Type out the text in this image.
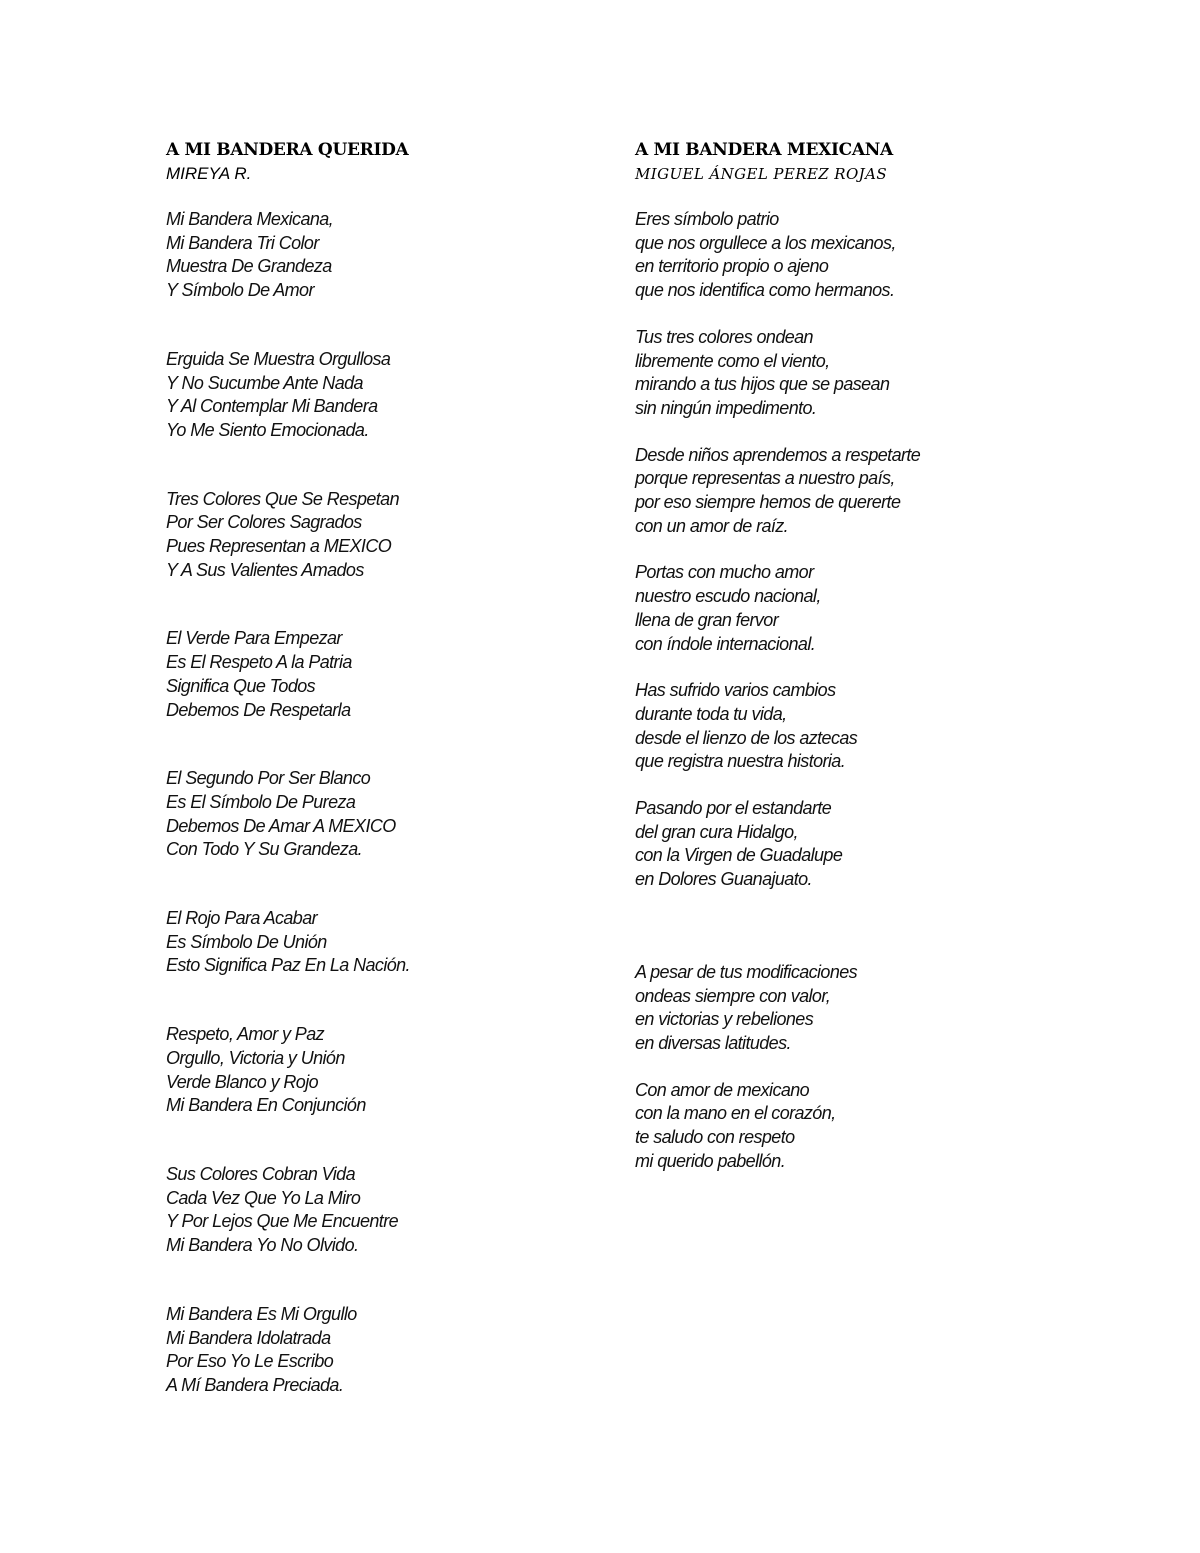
A MI BANDERA QUERIDA
MIREYA R.
Mi Bandera Mexicana,
Mi Bandera Tri Color
Muestra De Grandeza
Y Símbolo De Amor
Erguida Se Muestra Orgullosa
Y No Sucumbe Ante Nada
Y Al Contemplar Mi Bandera
Yo Me Siento Emocionada.
Tres Colores Que Se Respetan
Por Ser Colores Sagrados
Pues Representan a MEXICO
Y A Sus Valientes Amados
El Verde Para Empezar
Es El Respeto A la Patria
Significa Que Todos
Debemos De Respetarla
El Segundo Por Ser Blanco
Es El Símbolo De Pureza
Debemos De Amar A MEXICO
Con Todo Y Su Grandeza.
El Rojo Para Acabar
Es Símbolo De Unión
Esto Significa Paz En La Nación.
Respeto, Amor y Paz
Orgullo, Victoria y Unión
Verde Blanco y Rojo
Mi Bandera En Conjunción
Sus Colores Cobran Vida
Cada Vez Que Yo La Miro
Y Por Lejos Que Me Encuentre
Mi Bandera Yo No Olvido.
Mi Bandera Es Mi Orgullo
Mi Bandera Idolatrada
Por Eso Yo Le Escribo
A Mí Bandera Preciada.
A MI BANDERA MEXICANA
MIGUEL ÁNGEL PEREZ ROJAS
Eres símbolo patrio
que nos orgullece a los mexicanos,
en territorio propio o ajeno
que nos identifica como hermanos.
Tus tres colores ondean
libremente como el viento,
mirando a tus hijos que se pasean
sin ningún impedimento.
Desde niños aprendemos a respetarte
porque representas a nuestro país,
por eso siempre hemos de quererte
con un amor de raíz.
Portas con mucho amor
nuestro escudo nacional,
llena de gran fervor
con índole internacional.
Has sufrido varios cambios
durante toda tu vida,
desde el lienzo de los aztecas
que registra nuestra historia.
Pasando por el estandarte
del gran cura Hidalgo,
con la Virgen de Guadalupe
en Dolores Guanajuato.
A pesar de tus modificaciones
ondeas siempre con valor,
en victorias y rebeliones
en diversas latitudes.
Con amor de mexicano
con la mano en el corazón,
te saludo con respeto
mi querido pabellón.
